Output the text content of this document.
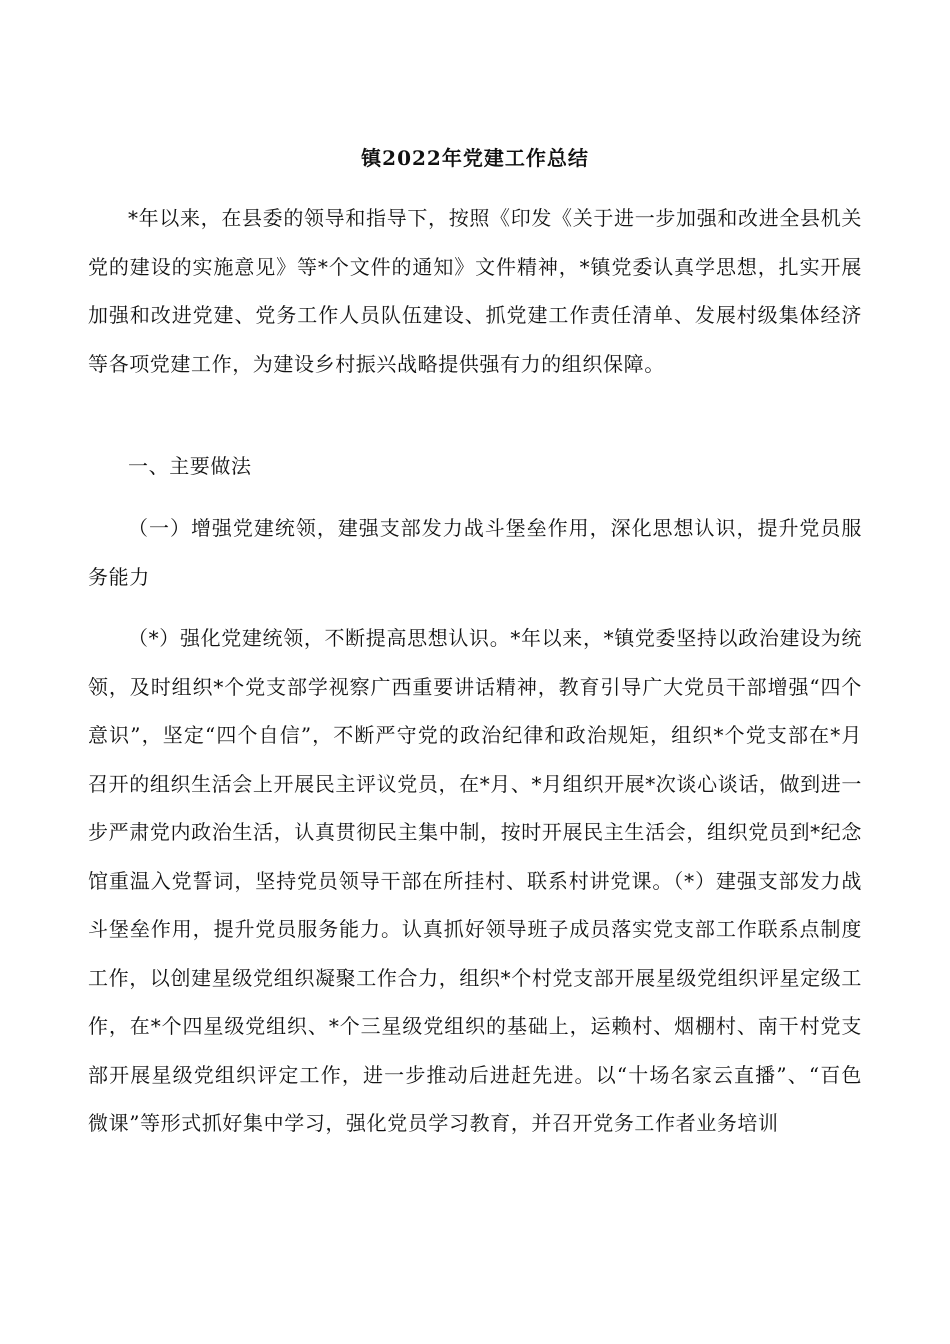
镇2022年党建工作总结

*年以来，在县委的领导和指导下，按照《印发《关于进一步加强和改进全县机关党的建设的实施意见》等*个文件的通知》文件精神，*镇党委认真学思想，扎实开展加强和改进党建、党务工作人员队伍建设、抓党建工作责任清单、发展村级集体经济等各项党建工作，为建设乡村振兴战略提供强有力的组织保障。

一、主要做法

（一）增强党建统领，建强支部发力战斗堡垒作用，深化思想认识，提升党员服务能力

（*）强化党建统领，不断提高思想认识。*年以来，*镇党委坚持以政治建设为统领，及时组织*个党支部学视察广西重要讲话精神，教育引导广大党员干部增强“四个意识”，坚定“四个自信”，不断严守党的政治纪律和政治规矩，组织*个党支部在*月召开的组织生活会上开展民主评议党员，在*月、*月组织开展*次谈心谈话，做到进一步严肃党内政治生活，认真贯彻民主集中制，按时开展民主生活会，组织党员到*纪念馆重温入党誓词，坚持党员领导干部在所挂村、联系村讲党课。（*）建强支部发力战斗堡垒作用，提升党员服务能力。认真抓好领导班子成员落实党支部工作联系点制度工作，以创建星级党组织凝聚工作合力，组织*个村党支部开展星级党组织评星定级工作，在*个四星级党组织、*个三星级党组织的基础上，运赖村、烟棚村、南干村党支部开展星级党组织评定工作，进一步推动后进赶先进。以“十场名家云直播”、“百色微课”等形式抓好集中学习，强化党员学习教育，并召开党务工作者业务培训
